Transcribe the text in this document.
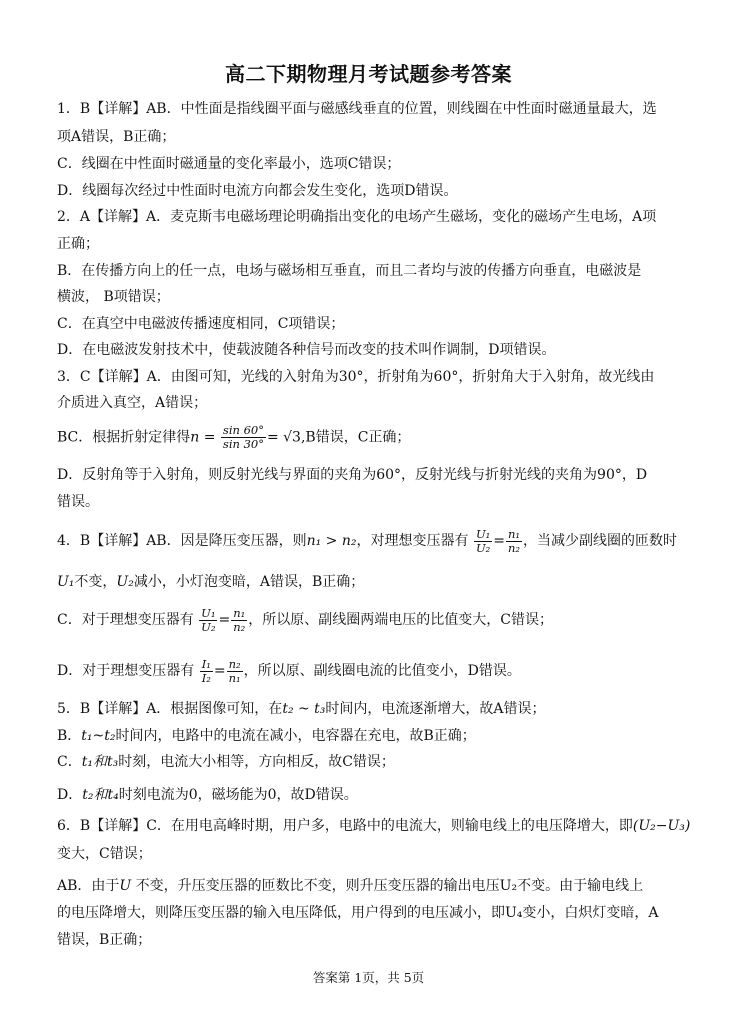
高二下期物理月考试题参考答案
1．B【详解】AB．中性面是指线圈平面与磁感线垂直的位置，则线圈在中性面时磁通量最大，选
项A错误，B正确；
C．线圈在中性面时磁通量的变化率最小，选项C错误；
D．线圈每次经过中性面时电流方向都会发生变化，选项D错误。
2．A【详解】A．麦克斯韦电磁场理论明确指出变化的电场产生磁场，变化的磁场产生电场，A项
正确；
B．在传播方向上的任一点，电场与磁场相互垂直，而且二者均与波的传播方向垂直，电磁波是
横波， B项错误；
C．在真空中电磁波传播速度相同，C项错误；
D．在电磁波发射技术中，使载波随各种信号而改变的技术叫作调制，D项错误。
3．C【详解】A．由图可知，光线的入射角为30°，折射角为60°，折射角大于入射角，故光线由
介质进入真空，A错误；
BC．根据折射定律得$n = \frac{\sin 60^\circ}{\sin 30^\circ} = √3,B$错误，C正确；
D．反射角等于入射角，则反射光线与界面的夹角为60°，反射光线与折射光线的夹角为90°，D
错误。
4．B【详解】AB．因是降压变压器，则n₁ > n₂，对理想变压器有 $\frac{\text{U₁}}{\text{U₂}} = \frac{\text{n₁}}{\text{n₂}}$ ，当减少副线圈的匝数时
U₁不变，U₂减小，小灯泡变暗，A错误，B正确；
C．对于理想变压器有 $\frac{\text{U₁}}{\text{U₂}} = \frac{\text{n₁}}{\text{n₂}}$ ，所以原、副线圈两端电压的比值变大，C错误；
D．对于理想变压器有 $\frac{\text{I₁}}{\text{I₂}} = \frac{\text{n₂}}{\text{n₁}}$ ，所以原、副线圈电流的比值变小，D错误。
5．B【详解】A．根据图像可知，在t₂ ~ t₃时间内，电流逐渐增大，故A错误；
B．t₁~t₂时间内，电路中的电流在减小，电容器在充电，故B正确；
C．t₁和t₃时刻，电流大小相等，方向相反，故C错误；
D．t₂和t₄时刻电流为0，磁场能为0，故D错误。
6．B【详解】C．在用电高峰时期，用户多，电路中的电流大，则输电线上的电压降增大，即(U₂−U₃)
变大，C错误；
AB．由于U 不变，升压变压器的匝数比不变，则升压变压器的输出电压U₂不变。由于输电线上
的电压降增大，则降压变压器的输入电压降低，用户得到的电压减小，即U₄变小，白炽灯变暗，A
错误，B正确；
答案第 1页，共 5页
